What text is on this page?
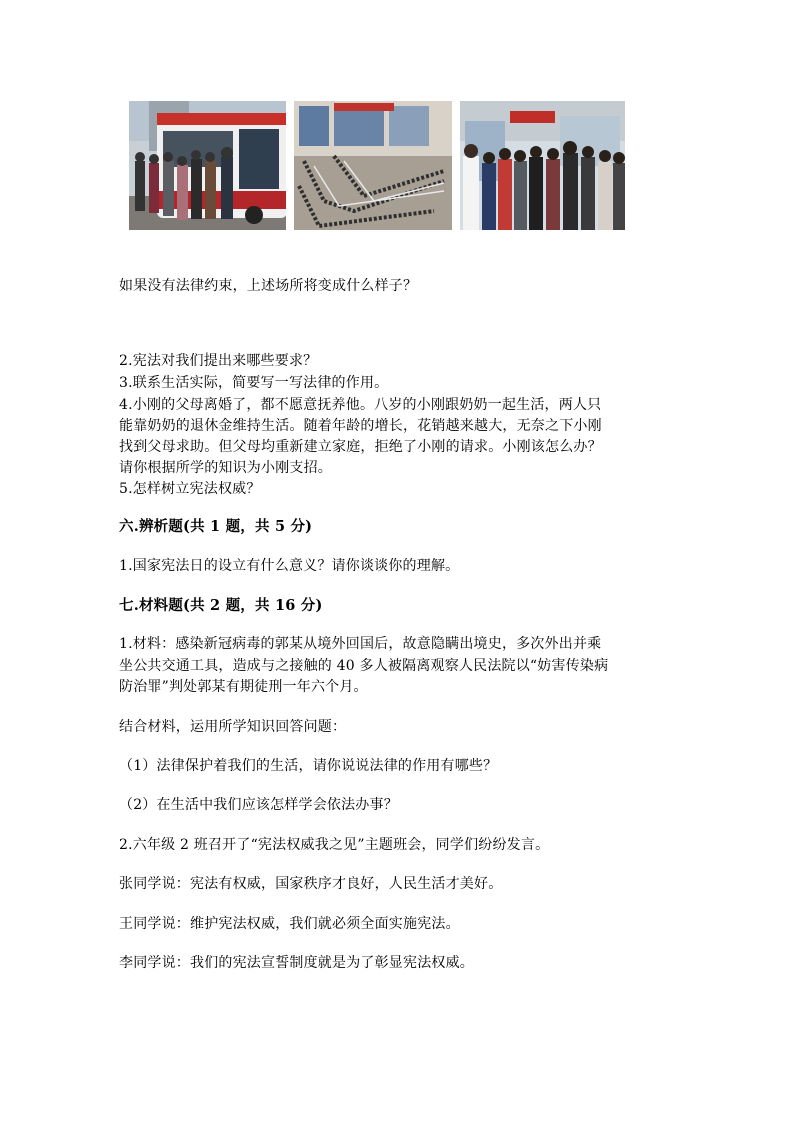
如果没有法律约束，上述场所将变成什么样子？
2.宪法对我们提出来哪些要求？
3.联系生活实际，简要写一写法律的作用。
4.小刚的父母离婚了，都不愿意抚养他。八岁的小刚跟奶奶一起生活，两人只
能靠奶奶的退休金维持生活。随着年龄的增长，花销越来越大，无奈之下小刚
找到父母求助。但父母均重新建立家庭，拒绝了小刚的请求。小刚该怎么办？
请你根据所学的知识为小刚支招。
5.怎样树立宪法权威？
六.辨析题(共 1 题，共 5 分)
1.国家宪法日的设立有什么意义？请你谈谈你的理解。
七.材料题(共 2 题，共 16 分)
1.材料：感染新冠病毒的郭某从境外回国后，故意隐瞒出境史，多次外出并乘
坐公共交通工具，造成与之接触的 40 多人被隔离观察人民法院以“妨害传染病
防治罪”判处郭某有期徒刑一年六个月。
结合材料，运用所学知识回答问题：
（1）法律保护着我们的生活，请你说说法律的作用有哪些？
（2）在生活中我们应该怎样学会依法办事？
2.六年级 2 班召开了“宪法权威我之见”主题班会，同学们纷纷发言。
张同学说：宪法有权威，国家秩序才良好，人民生活才美好。
王同学说：维护宪法权威，我们就必须全面实施宪法。
李同学说：我们的宪法宣誓制度就是为了彰显宪法权威。
